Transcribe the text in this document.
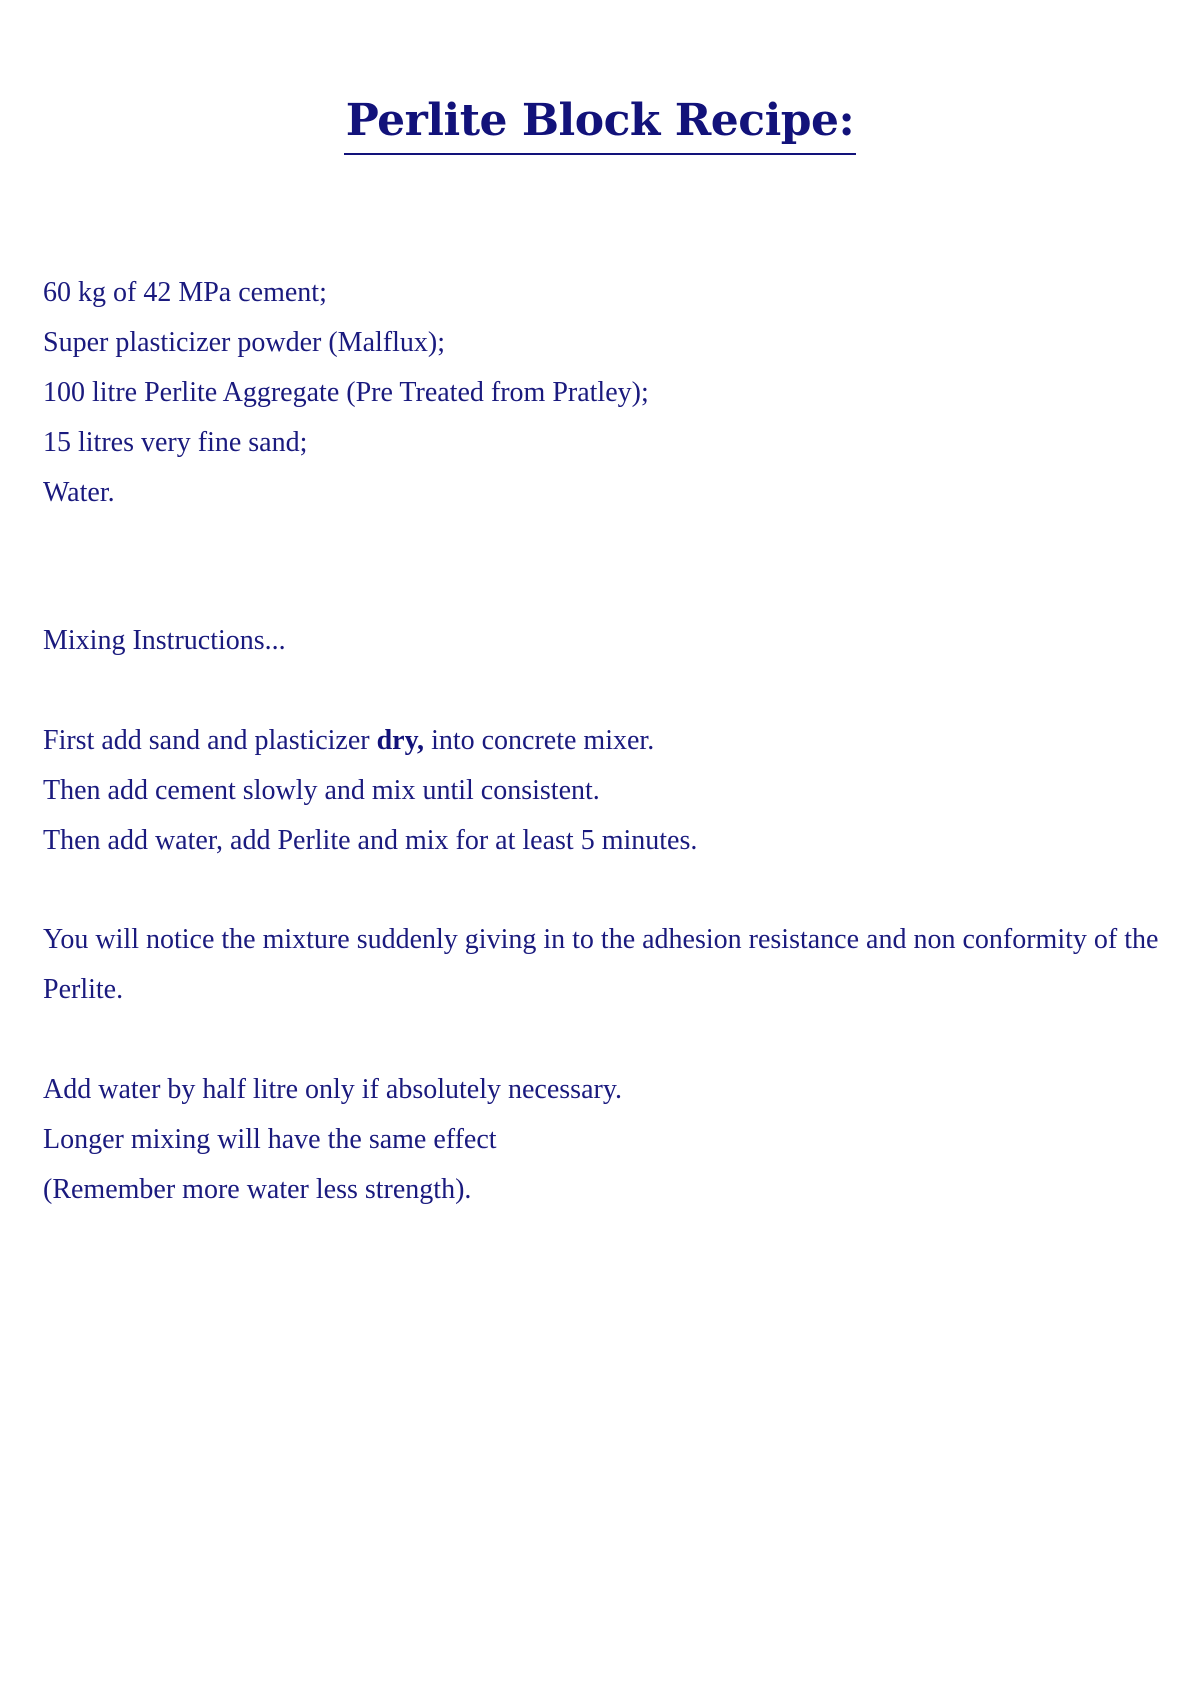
Perlite Block Recipe:
60 kg of 42 MPa cement;
Super plasticizer powder (Malflux);
100 litre Perlite Aggregate (Pre Treated from Pratley);
15 litres very fine sand;
Water.
Mixing Instructions...
First add sand and plasticizer dry, into concrete mixer.
Then add cement slowly and mix until consistent.
Then add water, add Perlite and mix for at least 5 minutes.
You will notice the mixture suddenly giving in to the adhesion resistance and non conformity of the Perlite.
Add water by half litre only if absolutely necessary.
Longer mixing will have the same effect
(Remember more water less strength).
